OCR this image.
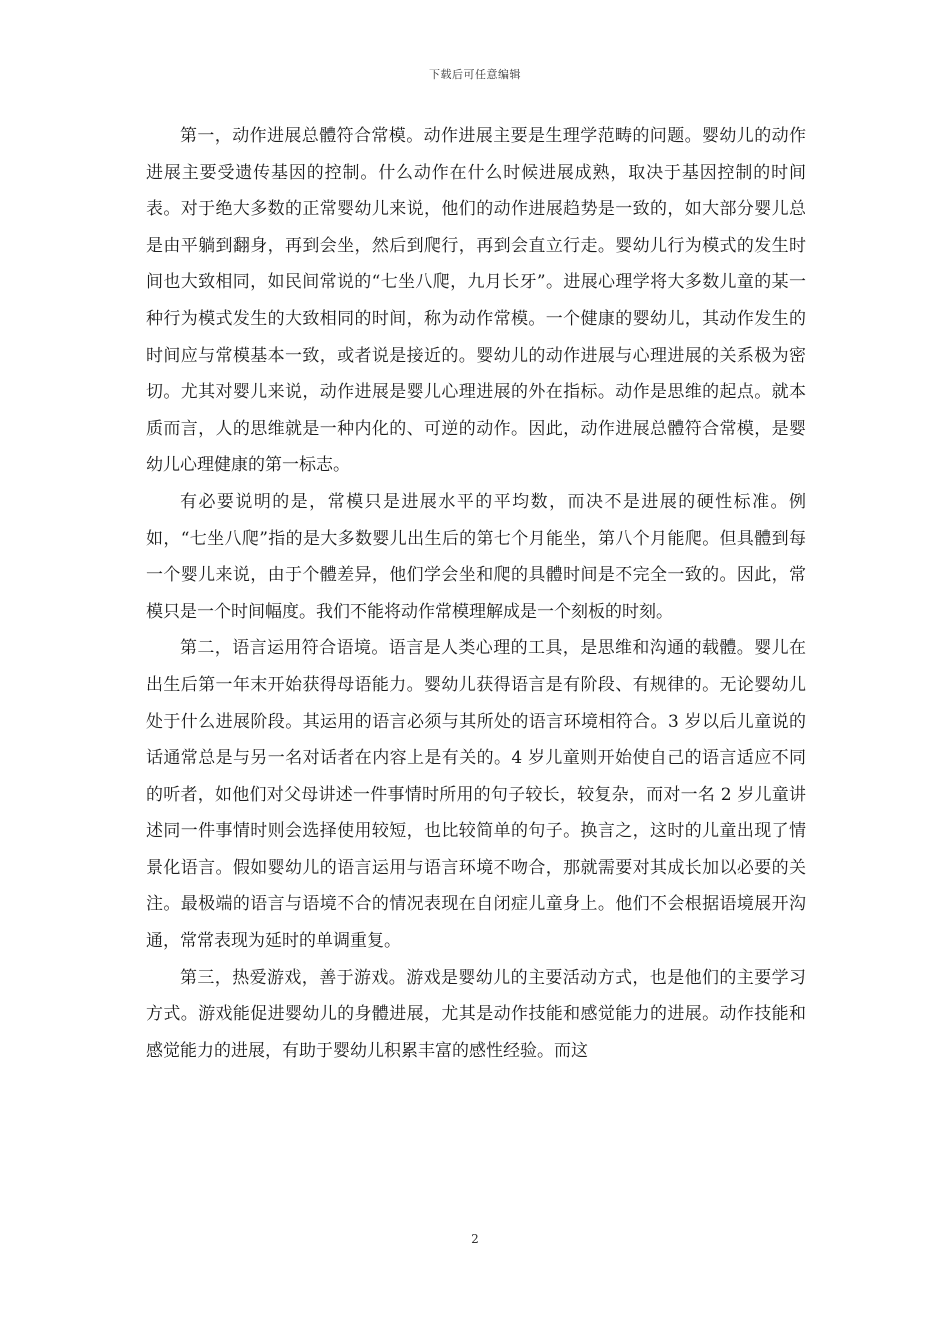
下载后可任意编辑

第一，动作进展总體符合常模。动作进展主要是生理学范畴的问题。婴幼儿的动作进展主要受遗传基因的控制。什么动作在什么时候进展成熟，取决于基因控制的时间表。对于绝大多数的正常婴幼儿来说，他们的动作进展趋势是一致的，如大部分婴儿总是由平躺到翻身，再到会坐，然后到爬行，再到会直立行走。婴幼儿行为模式的发生时间也大致相同，如民间常说的“七坐八爬，九月长牙”。进展心理学将大多数儿童的某一种行为模式发生的大致相同的时间，称为动作常模。一个健康的婴幼儿，其动作发生的时间应与常模基本一致，或者说是接近的。婴幼儿的动作进展与心理进展的关系极为密切。尤其对婴儿来说，动作进展是婴儿心理进展的外在指标。动作是思维的起点。就本质而言，人的思维就是一种内化的、可逆的动作。因此，动作进展总體符合常模，是婴幼儿心理健康的第一标志。

有必要说明的是，常模只是进展水平的平均数，而决不是进展的硬性标准。例如，“七坐八爬”指的是大多数婴儿出生后的第七个月能坐，第八个月能爬。但具體到每一个婴儿来说，由于个體差异，他们学会坐和爬的具體时间是不完全一致的。因此，常模只是一个时间幅度。我们不能将动作常模理解成是一个刻板的时刻。

第二，语言运用符合语境。语言是人类心理的工具，是思维和沟通的载體。婴儿在出生后第一年末开始获得母语能力。婴幼儿获得语言是有阶段、有规律的。无论婴幼儿处于什么进展阶段。其运用的语言必须与其所处的语言环境相符合。3 岁以后儿童说的话通常总是与另一名对话者在内容上是有关的。4 岁儿童则开始使自己的语言适应不同的听者，如他们对父母讲述一件事情时所用的句子较长，较复杂，而对一名 2 岁儿童讲述同一件事情时则会选择使用较短，也比较简单的句子。换言之，这时的儿童出现了情景化语言。假如婴幼儿的语言运用与语言环境不吻合，那就需要对其成长加以必要的关注。最极端的语言与语境不合的情况表现在自闭症儿童身上。他们不会根据语境展开沟通，常常表现为延时的单调重复。

第三，热爱游戏，善于游戏。游戏是婴幼儿的主要活动方式，也是他们的主要学习方式。游戏能促进婴幼儿的身體进展，尤其是动作技能和感觉能力的进展。动作技能和感觉能力的进展，有助于婴幼儿积累丰富的感性经验。而这

2
